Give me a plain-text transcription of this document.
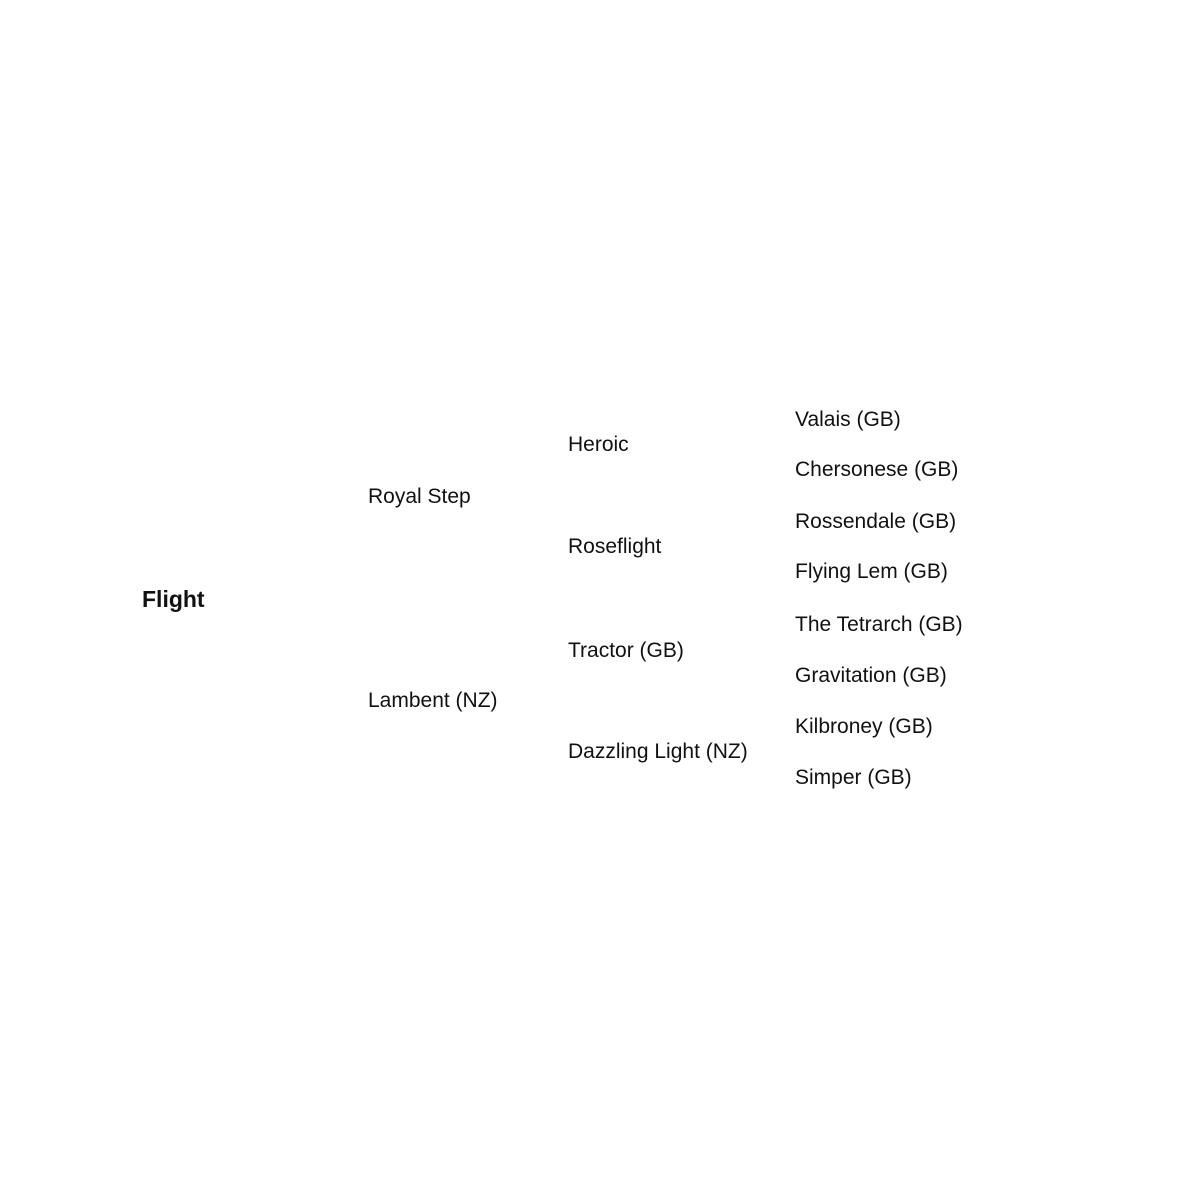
Flight
Royal Step
Lambent (NZ)
Heroic
Roseflight
Tractor (GB)
Dazzling Light (NZ)
Valais (GB)
Chersonese (GB)
Rossendale (GB)
Flying Lem (GB)
The Tetrarch (GB)
Gravitation (GB)
Kilbroney (GB)
Simper (GB)
